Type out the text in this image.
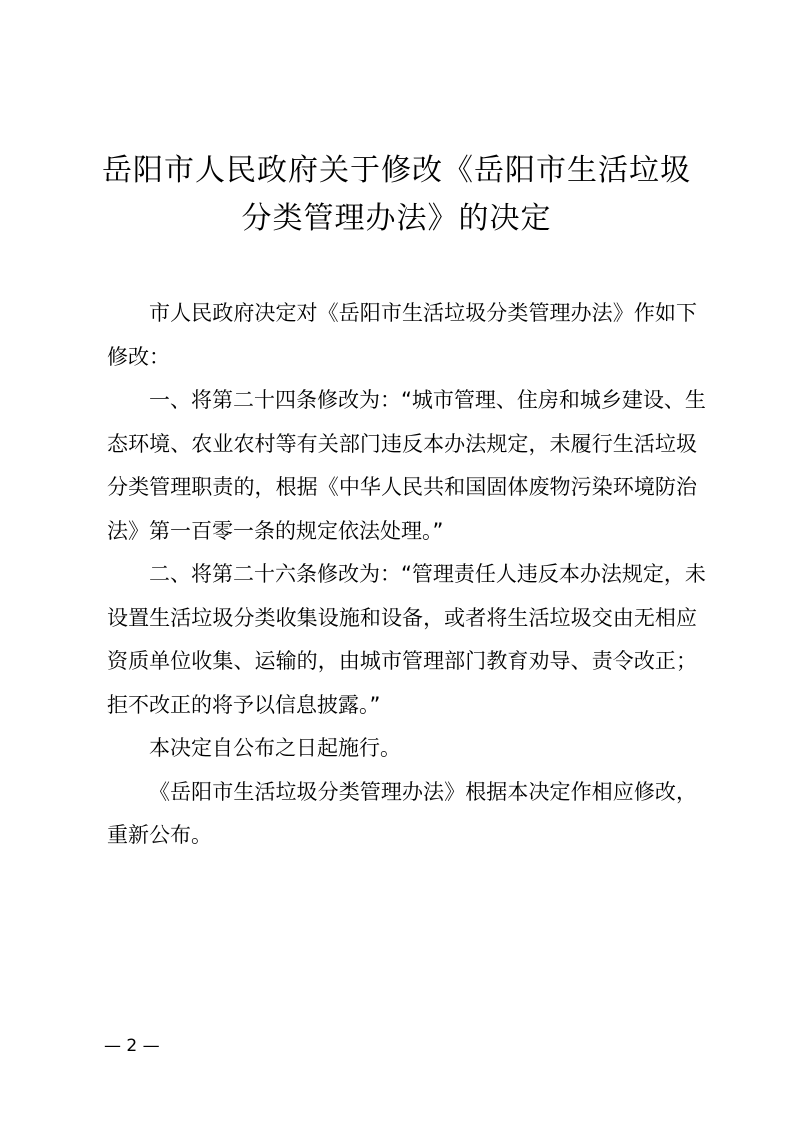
岳阳市人民政府关于修改《岳阳市生活垃圾
分类管理办法》的决定
市人民政府决定对《岳阳市生活垃圾分类管理办法》作如下
修改：
一、将第二十四条修改为：“城市管理、住房和城乡建设、生
态环境、农业农村等有关部门违反本办法规定，未履行生活垃圾
分类管理职责的，根据《中华人民共和国固体废物污染环境防治
法》第一百零一条的规定依法处理。”
二、将第二十六条修改为：“管理责任人违反本办法规定，未
设置生活垃圾分类收集设施和设备，或者将生活垃圾交由无相应
资质单位收集、运输的，由城市管理部门教育劝导、责令改正；
拒不改正的将予以信息披露。”
本决定自公布之日起施行。
《岳阳市生活垃圾分类管理办法》根据本决定作相应修改，
重新公布。
— 2 —
